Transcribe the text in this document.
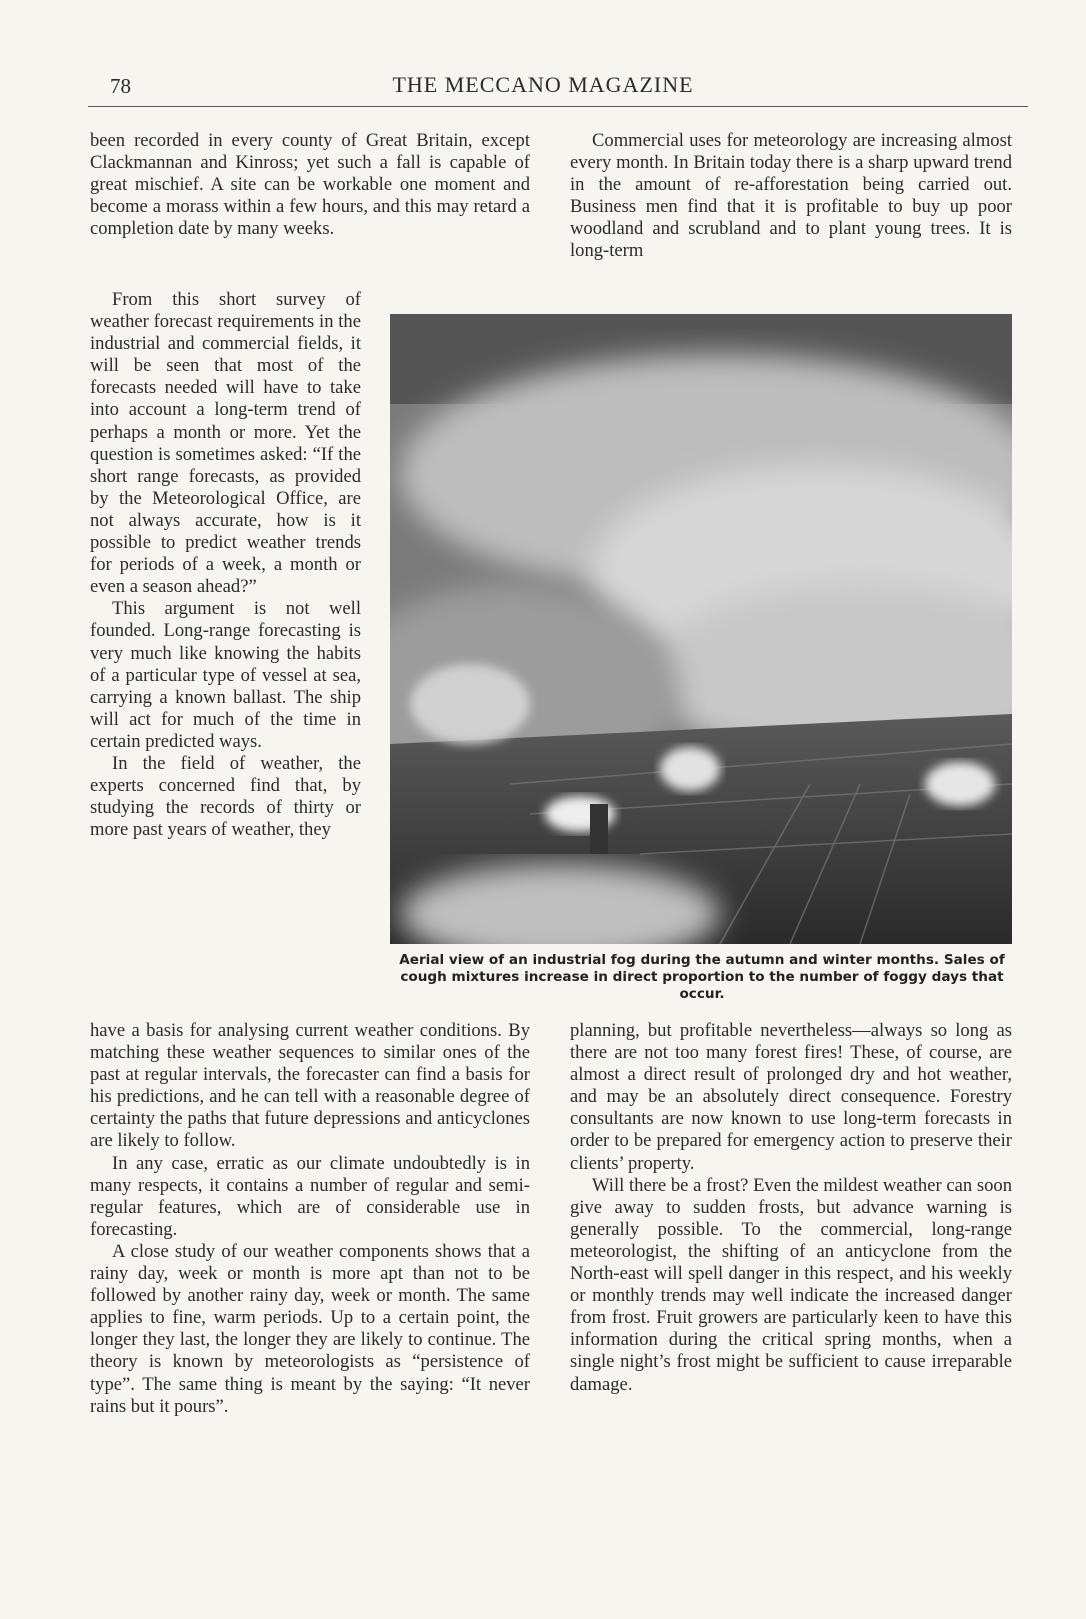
78	THE MECCANO MAGAZINE

been recorded in every county of Great Britain, except Clackmannan and Kinross; yet such a fall is capable of great mischief. A site can be workable one moment and become a morass within a few hours, and this may retard a completion date by many weeks.

From this short survey of weather forecast requirements in the industrial and commercial fields, it will be seen that most of the forecasts needed will have to take into account a long-term trend of perhaps a month or more. Yet the question is sometimes asked: “If the short range forecasts, as provided by the Meteorological Office, are not always accurate, how is it possible to predict weather trends for periods of a week, a month or even a season ahead?”

This argument is not well founded. Long-range forecasting is very much like knowing the habits of a particular type of vessel at sea, carrying a known ballast. The ship will act for much of the time in certain predicted ways.

In the field of weather, the experts concerned find that, by studying the records of thirty or more past years of weather, they

have a basis for analysing current weather conditions. By matching these weather sequences to similar ones of the past at regular intervals, the forecaster can find a basis for his predictions, and he can tell with a reasonable degree of certainty the paths that future depressions and anticyclones are likely to follow.

In any case, erratic as our climate undoubtedly is in many respects, it contains a number of regular and semi-regular features, which are of considerable use in forecasting.

A close study of our weather components shows that a rainy day, week or month is more apt than not to be followed by another rainy day, week or month. The same applies to fine, warm periods. Up to a certain point, the longer they last, the longer they are likely to continue. The theory is known by meteorologists as “persistence of type”. The same thing is meant by the saying: “It never rains but it pours”.

Commercial uses for meteorology are increasing almost every month. In Britain today there is a sharp upward trend in the amount of re-afforestation being carried out. Business men find that it is profitable to buy up poor woodland and scrubland and to plant young trees. It is long-term

Aerial view of an industrial fog during the autumn and winter months. Sales of cough mixtures increase in direct proportion to the number of foggy days that occur.

planning, but profitable nevertheless—always so long as there are not too many forest fires! These, of course, are almost a direct result of prolonged dry and hot weather, and may be an absolutely direct consequence. Forestry consultants are now known to use long-term forecasts in order to be prepared for emergency action to preserve their clients’ property.

Will there be a frost? Even the mildest weather can soon give away to sudden frosts, but advance warning is generally possible. To the commercial, long-range meteorologist, the shifting of an anticyclone from the North-east will spell danger in this respect, and his weekly or monthly trends may well indicate the increased danger from frost. Fruit growers are particularly keen to have this information during the critical spring months, when a single night’s frost might be sufficient to cause irreparable damage.
